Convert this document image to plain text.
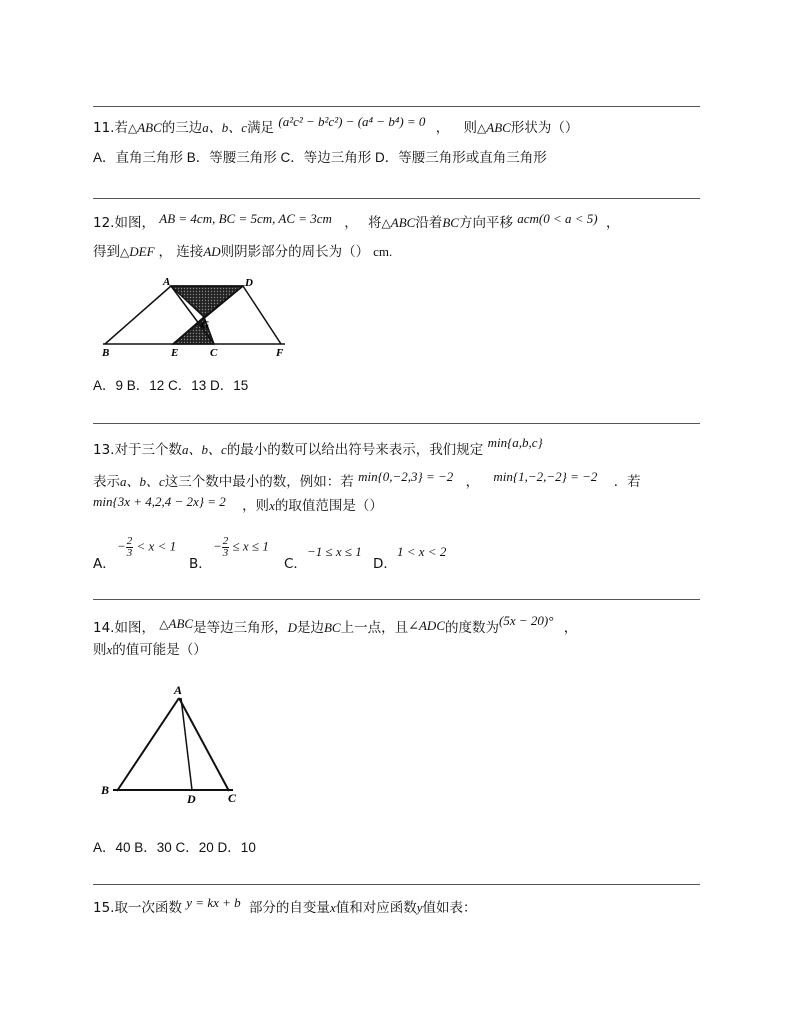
11.若△ABC的三边a、b、c满足 (a²c² − b²c²) − (a⁴ − b⁴) = 0 ， 则△ABC形状为（）
A．直角三角形 B．等腰三角形 C．等边三角形 D．等腰三角形或直角三角形
12.如图， AB = 4cm, BC = 5cm, AC = 3cm ， 将△ABC沿着BC方向平移 acm(0 < a < 5) ，
得到△DEF ， 连接AD则阴影部分的周长为（） cm.
A	D
G
B	E	C	F
A．9 B．12 C．13 D．15
13.对于三个数a、b、c的最小的数可以给出符号来表示，我们规定 min{a,b,c}
表示a、b、c这三个数中最小的数，例如：若 min{0,−2,3} = −2 ， min{1,−2,−2} = −2 ．若
min{3x + 4,2,4 − 2x} = 2 ，则x的取值范围是（）
A．
− $\frac{2}{3} < x < 1$
B．
− $\frac{2}{3} \le x \le 1$
C．
−1 ≤ x ≤ 1
D．
1 < x < 2
14.如图， △ABC是等边三角形，D是边BC上一点，且∠ADC的度数为(5x − 20)° ，
则x的值可能是（）
A
B
D	C
A．40 B．30 C．20 D．10
15.取一次函数 y = kx + b 部分的自变量x值和对应函数y值如表：
